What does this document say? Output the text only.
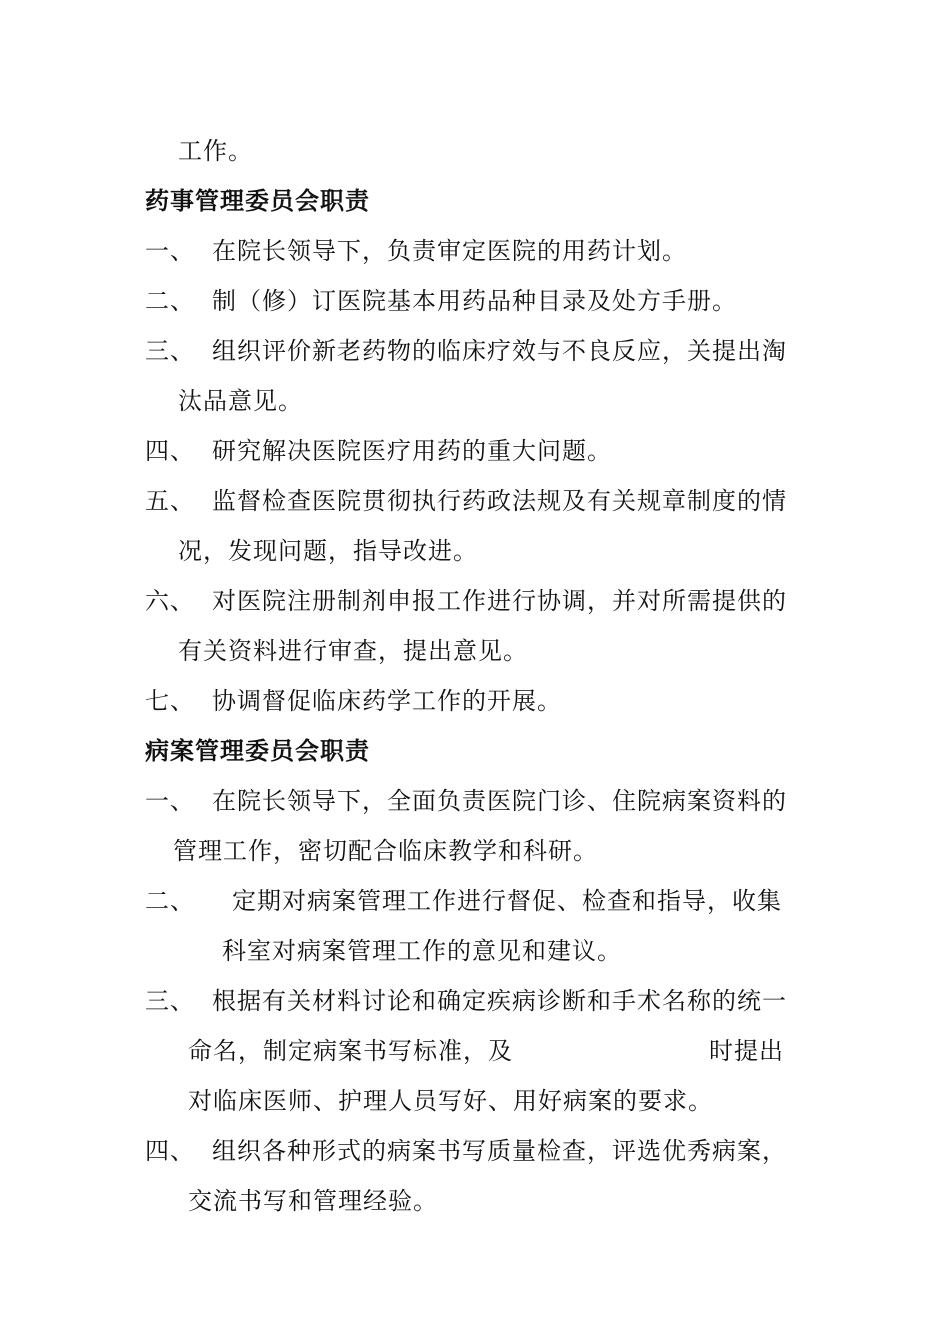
工作。

药事管理委员会职责

一、 在院长领导下，负责审定医院的用药计划。
二、 制（修）订医院基本用药品种目录及处方手册。
三、 组织评价新老药物的临床疗效与不良反应，关提出淘
汰品意见。
四、 研究解决医院医疗用药的重大问题。
五、 监督检查医院贯彻执行药政法规及有关规章制度的情
况，发现问题，指导改进。
六、 对医院注册制剂申报工作进行协调，并对所需提供的
有关资料进行审查，提出意见。
七、 协调督促临床药学工作的开展。

病案管理委员会职责

一、 在院长领导下，全面负责医院门诊、住院病案资料的
管理工作，密切配合临床教学和科研。
二、 定期对病案管理工作进行督促、检查和指导，收集
科室对病案管理工作的意见和建议。
三、 根据有关材料讨论和确定疾病诊断和手术名称的统一
命名，制定病案书写标准，及	时提出
对临床医师、护理人员写好、用好病案的要求。
四、 组织各种形式的病案书写质量检查，评选优秀病案，
交流书写和管理经验。
